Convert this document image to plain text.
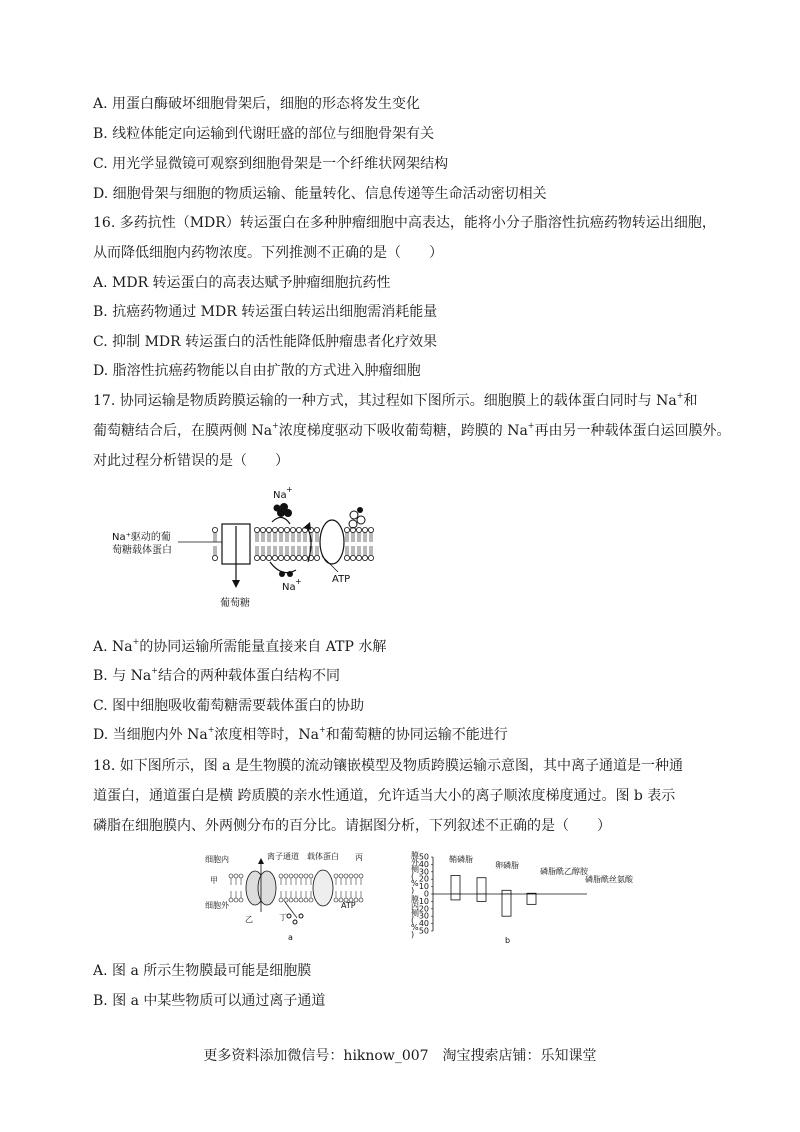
A. 用蛋白酶破坏细胞骨架后，细胞的形态将发生变化
B. 线粒体能定向运输到代谢旺盛的部位与细胞骨架有关
C. 用光学显微镜可观察到细胞骨架是一个纤维状网架结构
D. 细胞骨架与细胞的物质运输、能量转化、信息传递等生命活动密切相关
16. 多药抗性（MDR）转运蛋白在多种肿瘤细胞中高表达，能将小分子脂溶性抗癌药物转运出细胞，
从而降低细胞内药物浓度。下列推测不正确的是（　　）
A. MDR 转运蛋白的高表达赋予肿瘤细胞抗药性
B. 抗癌药物通过 MDR 转运蛋白转运出细胞需消耗能量
C. 抑制 MDR 转运蛋白的活性能降低肿瘤患者化疗效果
D. 脂溶性抗癌药物能以自由扩散的方式进入肿瘤细胞
17. 协同运输是物质跨膜运输的一种方式，其过程如下图所示。细胞膜上的载体蛋白同时与 Na+和
葡萄糖结合后，在膜两侧 Na+浓度梯度驱动下吸收葡萄糖，跨膜的 Na+再由另一种载体蛋白运回膜外。
对此过程分析错误的是（　　）
Na
+
Na
+
Na⁺驱动的葡
萄糖载体蛋白
ATP
葡萄糖
A. Na+的协同运输所需能量直接来自 ATP 水解
B. 与 Na+结合的两种载体蛋白结构不同
C. 图中细胞吸收葡萄糖需要载体蛋白的协助
D. 当细胞内外 Na+浓度相等时，Na+和葡萄糖的协同运输不能进行
18. 如下图所示，图 a 是生物膜的流动镶嵌模型及物质跨膜运输示意图，其中离子通道是一种通
道蛋白，通道蛋白是横 跨质膜的亲水性通道，允许适当大小的离子顺浓度梯度通过。图 b 表示
磷脂在细胞膜内、外两侧分布的百分比。请据图分析，下列叙述不正确的是（　　）
细胞内
细胞外
甲
乙	丁
丙
离子通道 载体蛋白
ATP
a
50
40
30
20
10
0
10
20
30
40
50
膜外侧( % )
膜内侧( % )
鞘磷脂
卵磷脂
磷脂酰乙醇胺
磷脂酰丝氨酸
b
A. 图 a 所示生物膜最可能是细胞膜
B. 图 a 中某些物质可以通过离子通道
更多资料添加微信号：hiknow_007　淘宝搜索店铺：乐知课堂
